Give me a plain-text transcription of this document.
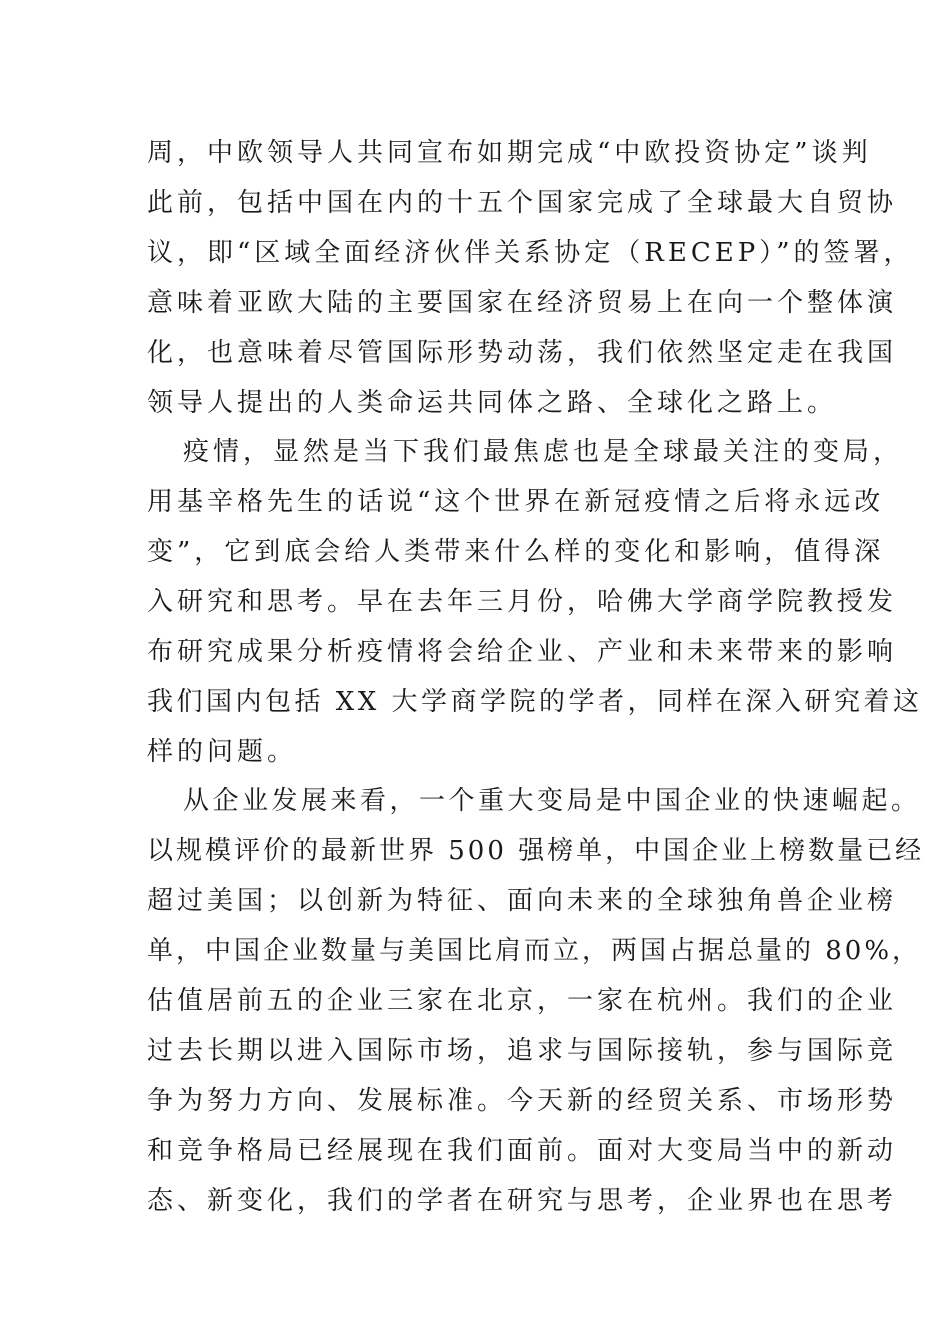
周，中欧领导人共同宣布如期完成“中欧投资协定”谈判
此前，包括中国在内的十五个国家完成了全球最大自贸协
议，即“区域全面经济伙伴关系协定（RECEP）”的签署，
意味着亚欧大陆的主要国家在经济贸易上在向一个整体演
化，也意味着尽管国际形势动荡，我们依然坚定走在我国
领导人提出的人类命运共同体之路、全球化之路上。
疫情，显然是当下我们最焦虑也是全球最关注的变局，
用基辛格先生的话说“这个世界在新冠疫情之后将永远改
变”，它到底会给人类带来什么样的变化和影响，值得深
入研究和思考。早在去年三月份，哈佛大学商学院教授发
布研究成果分析疫情将会给企业、产业和未来带来的影响
我们国内包括 XX 大学商学院的学者，同样在深入研究着这
样的问题。
从企业发展来看，一个重大变局是中国企业的快速崛起。
以规模评价的最新世界 500 强榜单，中国企业上榜数量已经
超过美国；以创新为特征、面向未来的全球独角兽企业榜
单，中国企业数量与美国比肩而立，两国占据总量的 80%，
估值居前五的企业三家在北京，一家在杭州。我们的企业
过去长期以进入国际市场，追求与国际接轨，参与国际竞
争为努力方向、发展标准。今天新的经贸关系、市场形势
和竞争格局已经展现在我们面前。面对大变局当中的新动
态、新变化，我们的学者在研究与思考，企业界也在思考
